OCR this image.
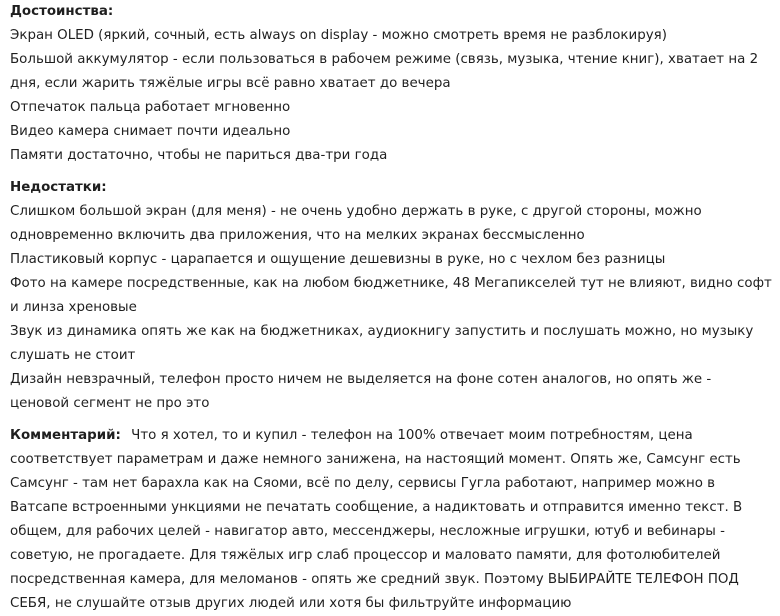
Достоинства:
Экран OLED (яркий, сочный, есть always on display - можно смотреть время не разблокируя)
Большой аккумулятор - если пользоваться в рабочем режиме (связь, музыка, чтение книг), хватает на 2 дня, если жарить тяжёлые игры всё равно хватает до вечера
Отпечаток пальца работает мгновенно
Видео камера снимает почти идеально
Памяти достаточно, чтобы не париться два-три года
Недостатки:
Слишком большой экран (для меня) - не очень удобно держать в руке, с другой стороны, можно одновременно включить два приложения, что на мелких экранах бессмысленно
Пластиковый корпус - царапается и ощущение дешевизны в руке, но с чехлом без разницы
Фото на камере посредственные, как на любом бюджетнике, 48 Мегапикселей тут не влияют, видно софт и линза хреновые
Звук из динамика опять же как на бюджетниках, аудиокнигу запустить и послушать можно, но музыку слушать не стоит
Дизайн невзрачный, телефон просто ничем не выделяется на фоне сотен аналогов, но опять же - ценовой сегмент не про это
Комментарий: Что я хотел, то и купил - телефон на 100% отвечает моим потребностям, цена соответствует параметрам и даже немного занижена, на настоящий момент. Опять же, Самсунг есть Самсунг - там нет барахла как на Сяоми, всё по делу, сервисы Гугла работают, например можно в Ватсапе встроенными ункциями не печатать сообщение, а надиктовать и отправится именно текст. В общем, для рабочих целей - навигатор авто, мессенджеры, несложные игрушки, ютуб и вебинары - советую, не прогадаете. Для тяжёлых игр слаб процессор и маловато памяти, для фотолюбителей посредственная камера, для меломанов - опять же средний звук. Поэтому ВЫБИРАЙТЕ ТЕЛЕФОН ПОД СЕБЯ, не слушайте отзыв других людей или хотя бы фильтруйте информацию
